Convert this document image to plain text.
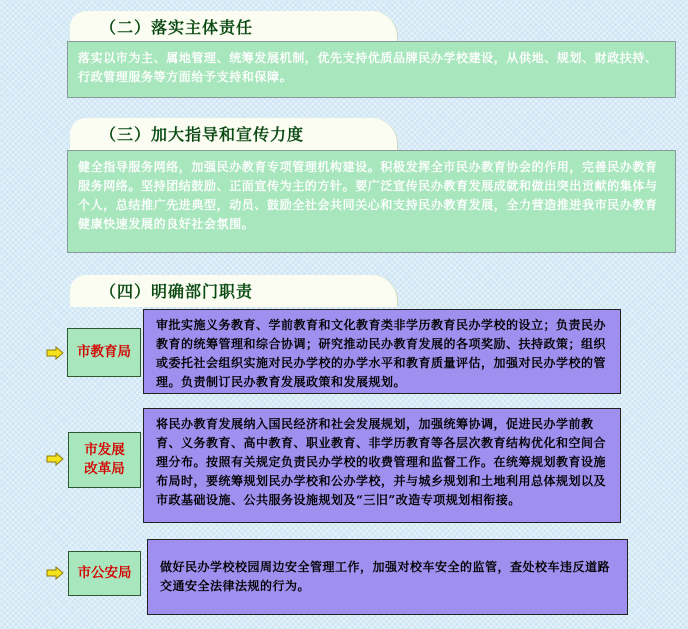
（二）落实主体责任
落实以市为主、属地管理、统筹发展机制，优先支持优质品牌民办学校建设，从供地、规划、财政扶持、行政管理服务等方面给予支持和保障。
（三）加大指导和宣传力度
健全指导服务网络，加强民办教育专项管理机构建设。积极发挥全市民办教育协会的作用，完善民办教育服务网络。坚持团结鼓励、正面宣传为主的方针。要广泛宣传民办教育发展成就和做出突出贡献的集体与个人，总结推广先进典型，动员、鼓励全社会共同关心和支持民办教育发展，全力营造推进我市民办教育健康快速发展的良好社会氛围。
（四）明确部门职责
市教育局
审批实施义务教育、学前教育和文化教育类非学历教育民办学校的设立；负责民办教育的统筹管理和综合协调；研究推动民办教育发展的各项奖励、扶持政策；组织或委托社会组织实施对民办学校的办学水平和教育质量评估，加强对民办学校的管理。负责制订民办教育发展政策和发展规划。
市发展
改革局
将民办教育发展纳入国民经济和社会发展规划，加强统筹协调，促进民办学前教育、义务教育、高中教育、职业教育、非学历教育等各层次教育结构优化和空间合理分布。按照有关规定负责民办学校的收费管理和监督工作。在统筹规划教育设施布局时，要统筹规划民办学校和公办学校，并与城乡规划和土地利用总体规划以及市政基础设施、公共服务设施规划及“三旧”改造专项规划相衔接。
市公安局	做好民办学校校园周边安全管理工作，加强对校车安全的监管，查处校车违反道路交通安全法律法规的行为。
